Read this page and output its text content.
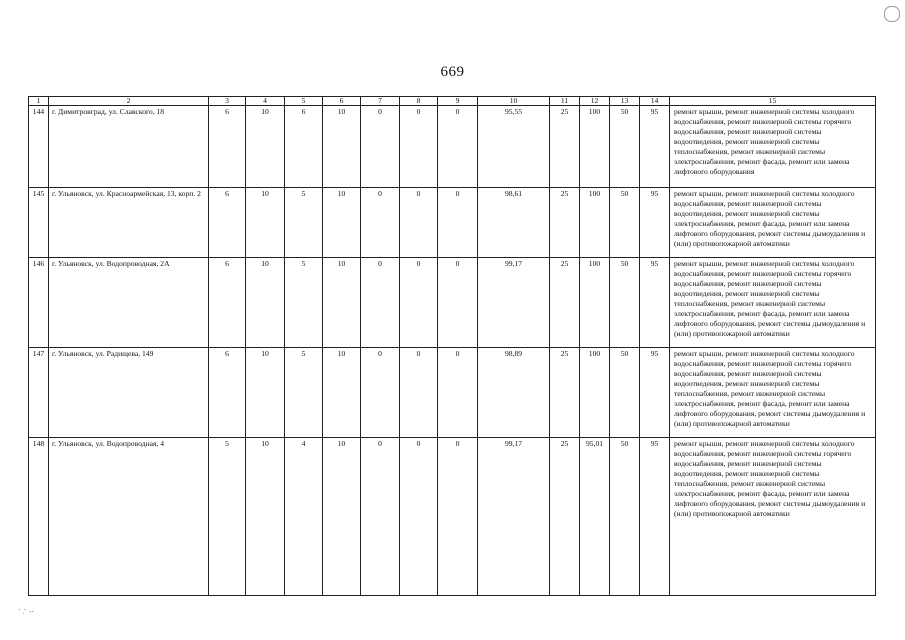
· ·̣ ..
669
1	2	3	4	5	6	7	8	9	10	11	12	13	14	15
144	г. Димитровград, ул. Славского, 18	6	10	6	10	0	0	0	95,55	25	100	50	95	ремонт крыши, ремонт инженерной системы холодного водоснабжения, ремонт инженерной системы горячего водоснабжения, ремонт инженерной системы водоотведения, ремонт инженерной системы теплоснабжения, ремонт инженерной системы электроснабжения, ремонт фасада, ремонт или замена лифтового оборудования
145	г. Ульяновск, ул. Красноармейская, 13, корп. 2	6	10	5	10	0	0	0	98,61	25	100	50	95	ремонт крыши, ремонт инженерной системы холодного водоснабжения, ремонт инженерной системы водоотведения, ремонт инженерной системы электроснабжения, ремонт фасада, ремонт или замена лифтового оборудования, ремонт системы дымоудаления и (или) противопожарной автоматики
146	г. Ульяновск, ул. Водопроводная, 2А	6	10	5	10	0	0	0	99,17	25	100	50	95	ремонт крыши, ремонт инженерной системы холодного водоснабжения, ремонт инженерной системы горячего водоснабжения, ремонт инженерной системы водоотведения, ремонт инженерной системы теплоснабжения, ремонт инженерной системы электроснабжения, ремонт фасада, ремонт или замена лифтового оборудования, ремонт системы дымоудаления и (или) противопожарной автоматики
147	г. Ульяновск, ул. Радищева, 149	6	10	5	10	0	0	0	98,89	25	100	50	95	ремонт крыши, ремонт инженерной системы холодного водоснабжения, ремонт инженерной системы горячего водоснабжения, ремонт инженерной системы водоотведения, ремонт инженерной системы теплоснабжения, ремонт инженерной системы электроснабжения, ремонт фасада, ремонт или замена лифтового оборудования, ремонт системы дымоудаления и (или) противопожарной автоматики
148	г. Ульяновск, ул. Водопроводная, 4	5	10	4	10	0	0	0	99,17	25	95,01	50	95	ремонт крыши, ремонт инженерной системы холодного водоснабжения, ремонт инженерной системы горячего водоснабжения, ремонт инженерной системы водоотведения, ремонт инженерной системы теплоснабжения, ремонт инженерной системы электроснабжения, ремонт фасада, ремонт или замена лифтового оборудования, ремонт системы дымоудаления и (или) противопожарной автоматики
